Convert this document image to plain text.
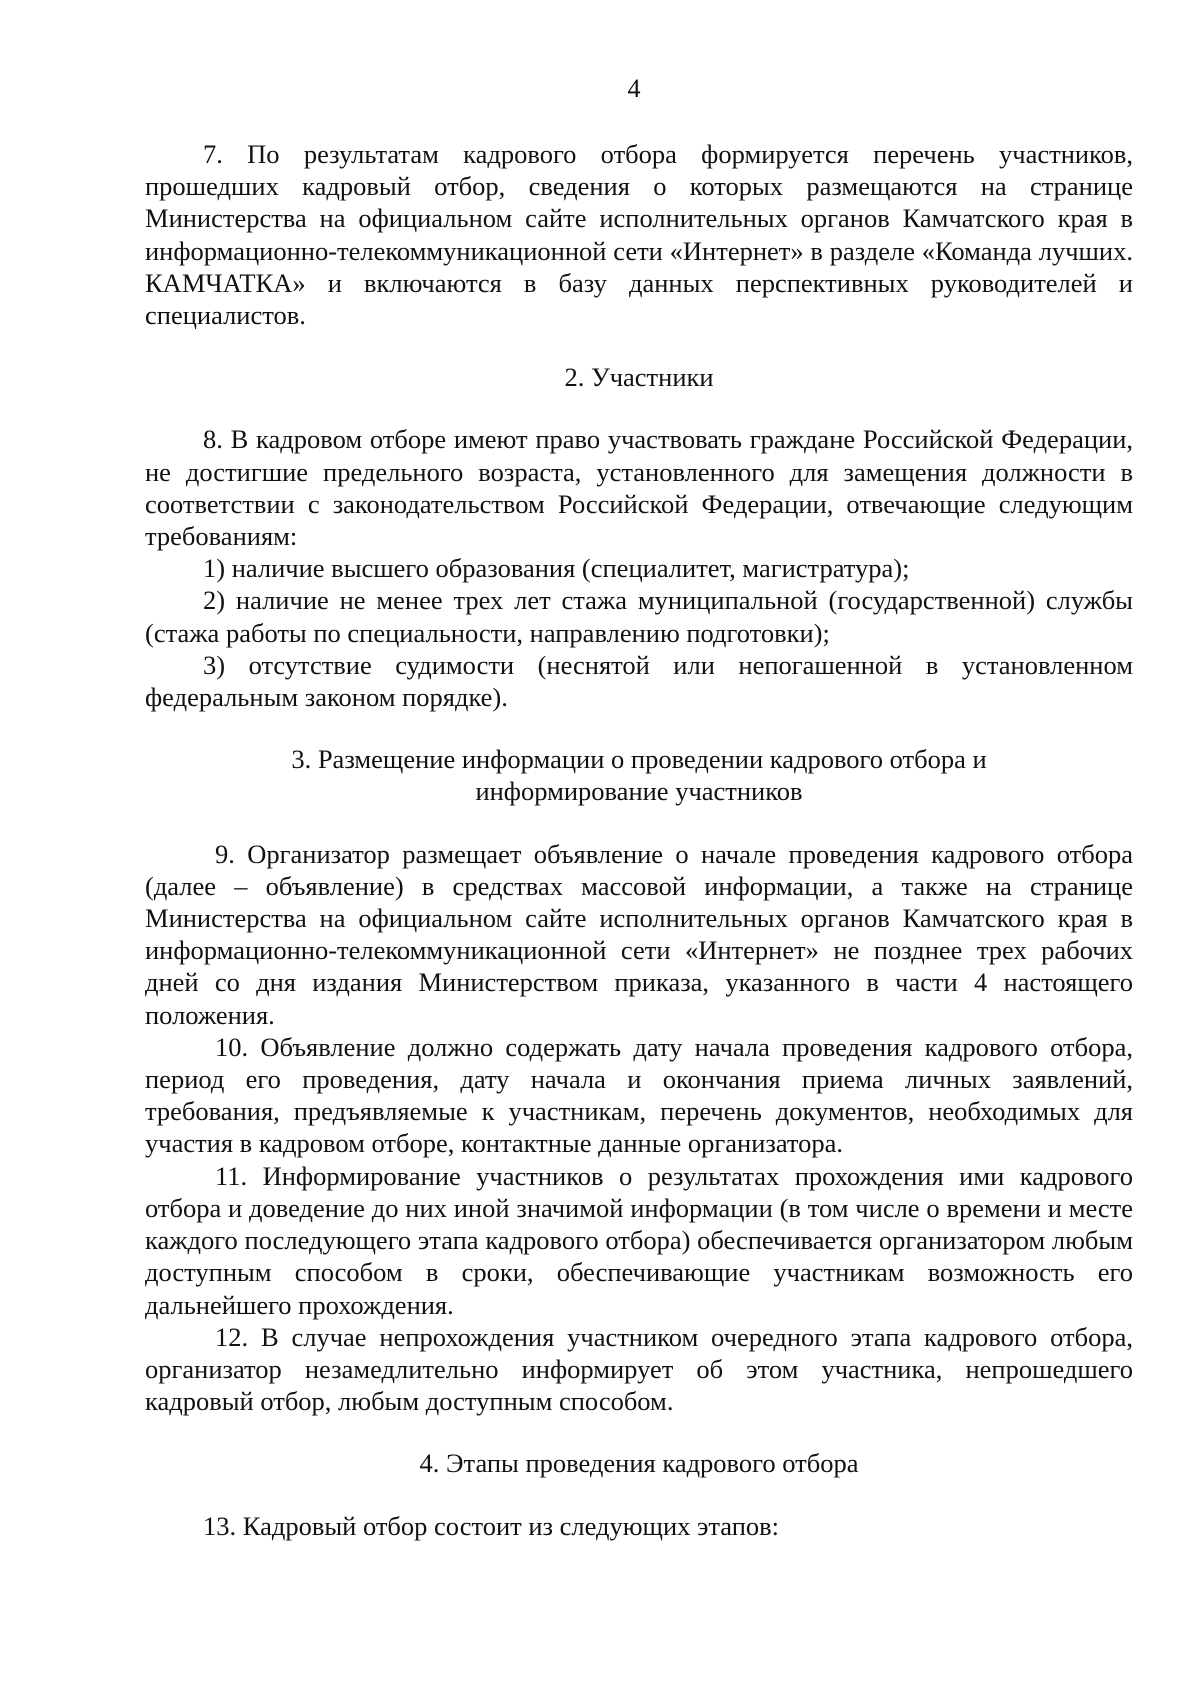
4

7. По результатам кадрового отбора формируется перечень участников, прошедших кадровый отбор, сведения о которых размещаются на странице Министерства на официальном сайте исполнительных органов Камчатского края в информационно-телекоммуникационной сети «Интернет» в разделе «Команда лучших. КАМЧАТКА» и включаются в базу данных перспективных руководителей и специалистов.

2. Участники

8. В кадровом отборе имеют право участвовать граждане Российской Федерации, не достигшие предельного возраста, установленного для замещения должности в соответствии с законодательством Российской Федерации, отвечающие следующим требованиям:

1) наличие высшего образования (специалитет, магистратура);

2) наличие не менее трех лет стажа муниципальной (государственной) службы (стажа работы по специальности, направлению подготовки);

3) отсутствие судимости (неснятой или непогашенной в установленном федеральным законом порядке).

3. Размещение информации о проведении кадрового отбора и
информирование участников

9. Организатор размещает объявление о начале проведения кадрового отбора (далее – объявление) в средствах массовой информации, а также на странице Министерства на официальном сайте исполнительных органов Камчатского края в информационно-телекоммуникационной сети «Интернет» не позднее трех рабочих дней со дня издания Министерством приказа, указанного в части 4 настоящего положения.

10. Объявление должно содержать дату начала проведения кадрового отбора, период его проведения, дату начала и окончания приема личных заявлений, требования, предъявляемые к участникам, перечень документов, необходимых для участия в кадровом отборе, контактные данные организатора.

11. Информирование участников о результатах прохождения ими кадрового отбора и доведение до них иной значимой информации (в том числе о времени и месте каждого последующего этапа кадрового отбора) обеспечивается организатором любым доступным способом в сроки, обеспечивающие участникам возможность его дальнейшего прохождения.

12. В случае непрохождения участником очередного этапа кадрового отбора, организатор незамедлительно информирует об этом участника, непрошедшего кадровый отбор, любым доступным способом.

4. Этапы проведения кадрового отбора

13. Кадровый отбор состоит из следующих этапов:
